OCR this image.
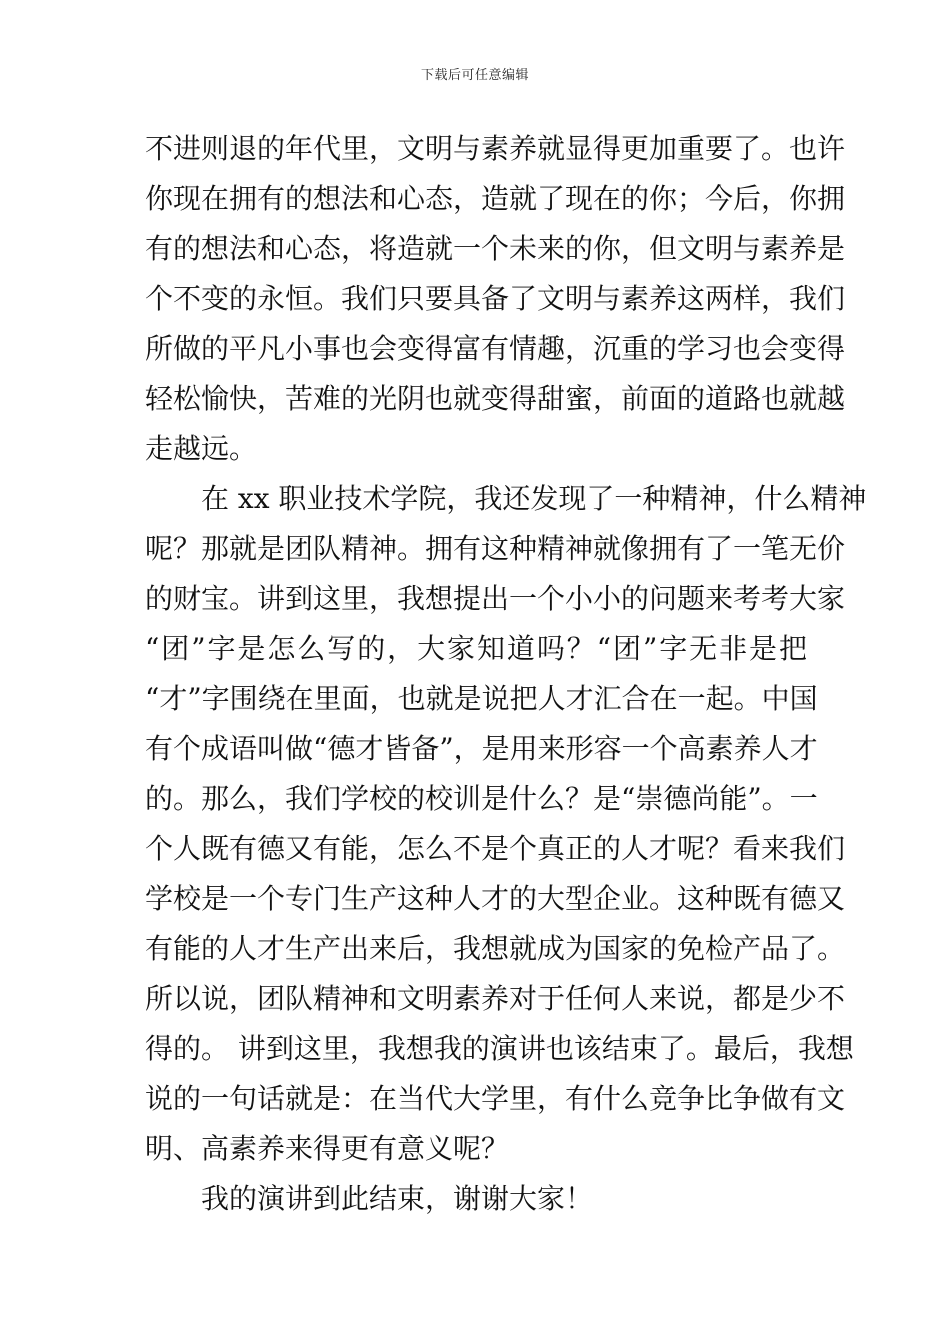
下载后可任意编辑
不进则退的年代里，文明与素养就显得更加重要了。也许
你现在拥有的想法和心态，造就了现在的你；今后，你拥
有的想法和心态，将造就一个未来的你，但文明与素养是
个不变的永恒。我们只要具备了文明与素养这两样，我们
所做的平凡小事也会变得富有情趣，沉重的学习也会变得
轻松愉快，苦难的光阴也就变得甜蜜，前面的道路也就越
走越远。
在 xx 职业技术学院，我还发现了一种精神，什么精神
呢？那就是团队精神。拥有这种精神就像拥有了一笔无价
的财宝。讲到这里，我想提出一个小小的问题来考考大家
“团”字是怎么写的，大家知道吗？“团”字无非是把
“才”字围绕在里面，也就是说把人才汇合在一起。中国
有个成语叫做“德才皆备”，是用来形容一个高素养人才
的。那么，我们学校的校训是什么？是“崇德尚能”。一
个人既有德又有能，怎么不是个真正的人才呢？看来我们
学校是一个专门生产这种人才的大型企业。这种既有德又
有能的人才生产出来后，我想就成为国家的免检产品了。
所以说，团队精神和文明素养对于任何人来说，都是少不
得的。 讲到这里，我想我的演讲也该结束了。最后，我想
说的一句话就是：在当代大学里，有什么竞争比争做有文
明、高素养来得更有意义呢？
我的演讲到此结束，谢谢大家！
